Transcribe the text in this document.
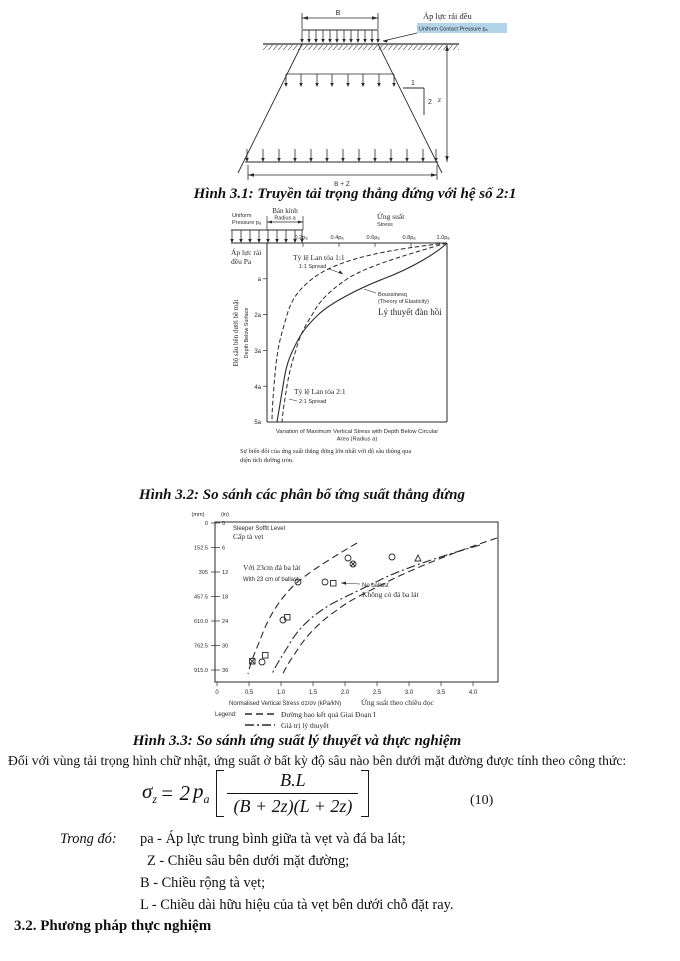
B	Áp lực rải đều
Uniform Contact Pressure pₐ
1
2 z
B + Z
Hình 3.1: Truyền tải trọng thẳng đứng với hệ số 2:1
Uniform
Pressure pₐ
Bán kính
Radius a	Ứng suất
Stress
0.2pₐ	0.4pₐ	0.6pₐ	0.8pₐ	1.0pₐ
a
2a
3a
4a
5a
Áp lực rải
đều Pa
Độ sâu bên dưới bề mặt Depth Below Surface
Tỷ lệ Lan tỏa 1:1
1:1 Spread
Boussinesq
(Theory of Elasticity)
Lý thuyết đàn hồi
Tỷ lệ Lan tỏa 2:1
2:1 Spread
Variation of Maximum Vertical Stress with Depth Below Circular
Area (Radius a)
Sự biến đổi của ứng suất thẳng đứng lớn nhất với độ sâu thông qua
diện tích đường tròn.
Hình 3.2: So sánh các phân bố ứng suất thẳng đứng
(mm)	(in)
0
152.5
305
457.5
610.0
762.5
915.0
0
6
12
18
24
30
36
Sleeper Soffit Level
Cấp tà vẹt
Với 23cm đá ba lát
With 23 cm of ballast
No ballast
Không có đá ba lát
0	0.5	1.0	1.5	2.0	2.5	3.0	3.5	4.0
Normalised Vertical Stress σz/σv (kPa/kN)	Ứng suất theo chiều dọc
Legend:	Đường bao kết quả Giai Đoạn I
Giá trị lý thuyết
Hình 3.3: So sánh ứng suất lý thuyết và thực nghiệm
Đối với vùng tải trọng hình chữ nhật, ứng suất ở bất kỳ độ sâu nào bên dưới mặt đường được tính theo công thức:
$\sigma_z = 2$ $p_a \frac{B.L}{(B + 2z)(L + 2z)}$	(10)
Trong đó: pa - Áp lực trung bình giữa tà vẹt và đá ba lát;
Z - Chiều sâu bên dưới mặt đường;
B - Chiều rộng tà vẹt;
L - Chiều dài hữu hiệu của tà vẹt bên dưới chỗ đặt ray.
3.2. Phương pháp thực nghiệm
